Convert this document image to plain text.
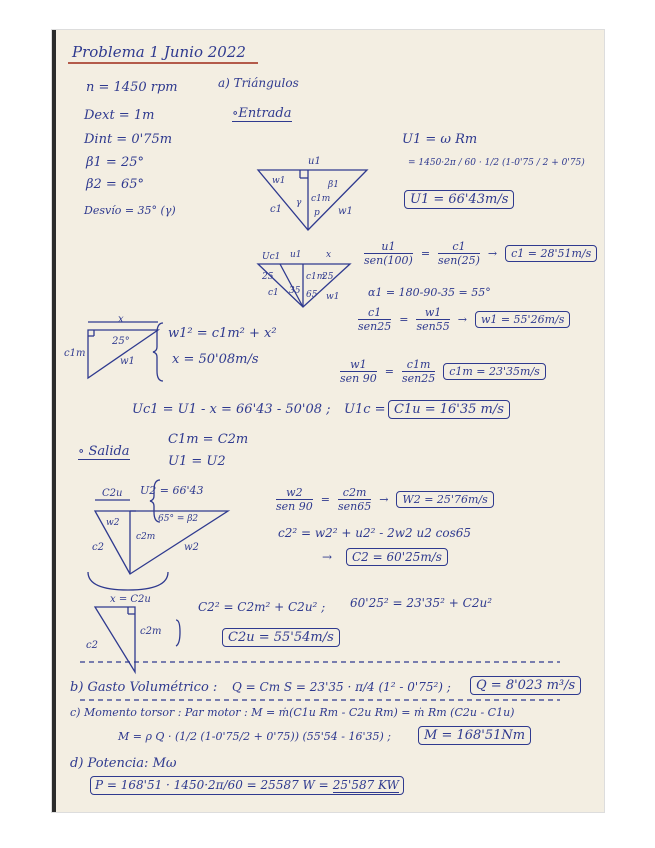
Problema 1 Junio 2022
n = 1450 rpm
Dext = 1m
Dint = 0'75m
β1 = 25°
β2 = 65°
Desvío = 35° (γ)
a) Triángulos
∘Entrada
U1 = ω Rm
= 1450·2π / 60 · 1/2 (1-0'75 / 2 + 0'75)
U1 = 66'43m/s
u1
w1	β1
c1
γ c1m
p w1
Uc1 u1	x
25	c1m
25
c1 35 65 w1
$\frac{u1}{\text{sen(100)}} = \frac{c1}{\text{sen(25)}}$ →	c1 = 28'51m/s
α1 = 180-90-35 = 55°
$\frac{c1}{\text{sen25}} = \frac{w1}{\text{sen55}}$ →	w1 = 55'26m/s
x
25°
c1m
w1
w1² = c1m² + x²
x = 50'08m/s	$\frac{w1}{\text{sen 90}} = \frac{c1m}{\text{sen25}}$	c1m = 23'35m/s
Uc1 = U1 - x = 66'43 - 50'08 ; U1c = C1u = 16'35 m/s
∘ Salida
C1m = C2m
U1 = U2
C2u U2 = 66'43
w2	65° = β2
c2
c2m
w2
$\frac{w2}{\text{sen 90}} = \frac{c2m}{\text{sen65}}$ →	W2 = 25'76m/s
c2² = w2² + u2² - 2w2 u2 cos65
→	C2 = 60'25m/s
x = C2u
c2
c2m
C2² = C2m² + C2u² ; 60'25² = 23'35² + C2u²
C2u = 55'54m/s
b) Gasto Volumétrico : Q = Cm S = 23'35 · π/4 (1² - 0'75²) ;	Q = 8'023 m³/s
c) Momento torsor : Par motor : M = ṁ(C1u Rm - C2u Rm) = ṁ Rm (C2u - C1u)
M = ρ Q · (1/2 (1-0'75/2 + 0'75)) (55'54 - 16'35) ;	M = 168'51Nm
d) Potencia: Mω
P = 168'51 · 1450·2π/60 = 25587 W = 25'587 KW
